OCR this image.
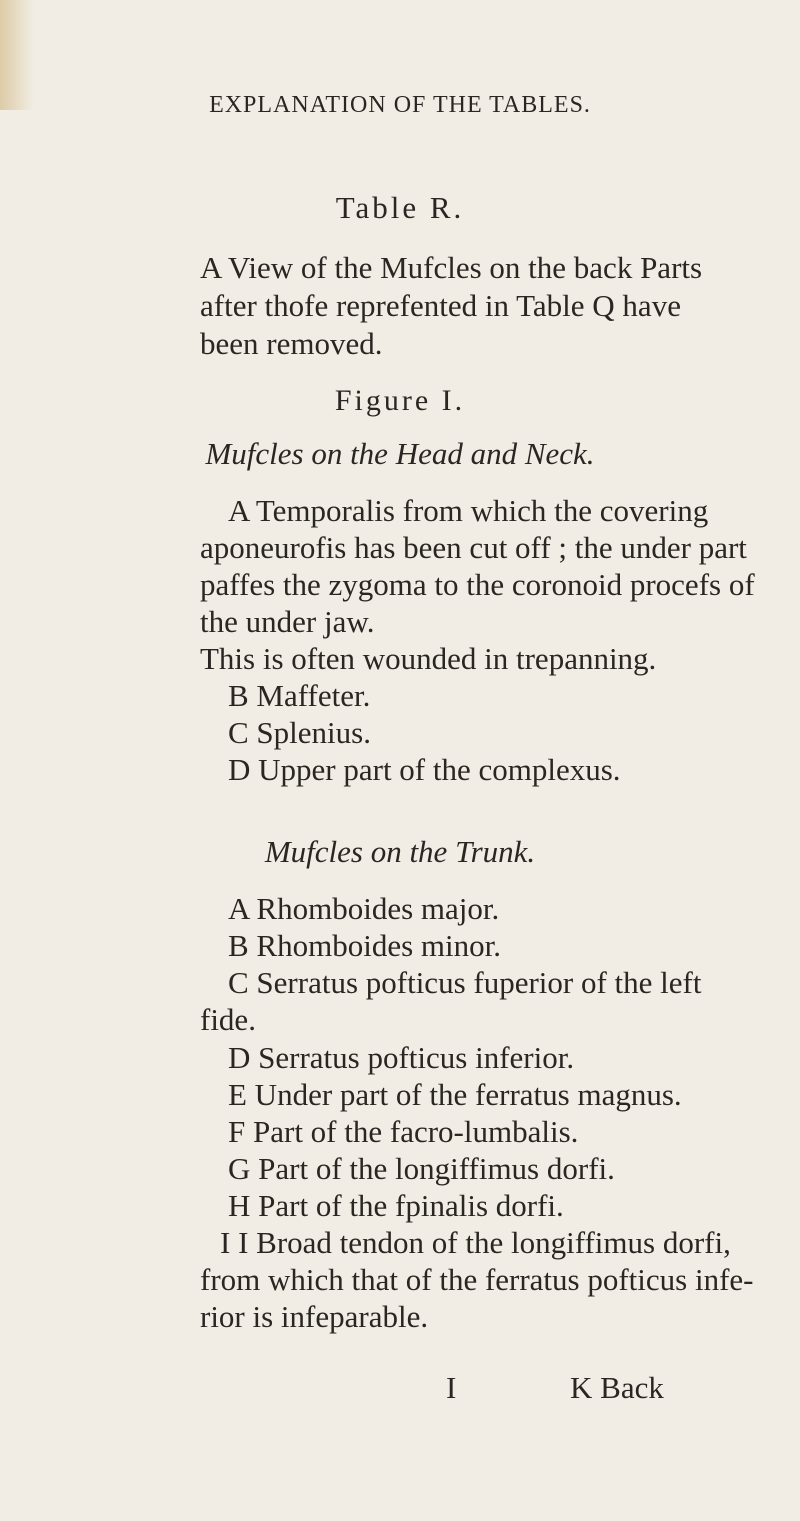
EXPLANATION OF THE TABLES.
Table R.
A View of the Mufcles on the back Parts
after thofe reprefented in Table Q have
been removed.
Figure I.
Mufcles on the Head and Neck.
A Temporalis from which the covering
aponeurofis has been cut off ; the under part
paffes the zygoma to the coronoid procefs of
the under jaw.
This is often wounded in trepanning.
B Maffeter.
C Splenius.
D Upper part of the complexus.
Mufcles on the Trunk.
A Rhomboides major.
B Rhomboides minor.
C Serratus pofticus fuperior of the left
fide.
D Serratus pofticus inferior.
E Under part of the ferratus magnus.
F Part of the facro-lumbalis.
G Part of the longiffimus dorfi.
H Part of the fpinalis dorfi.
I I Broad tendon of the longiffimus dorfi,
from which that of the ferratus pofticus infe-
rior is infeparable.
I	K Back
